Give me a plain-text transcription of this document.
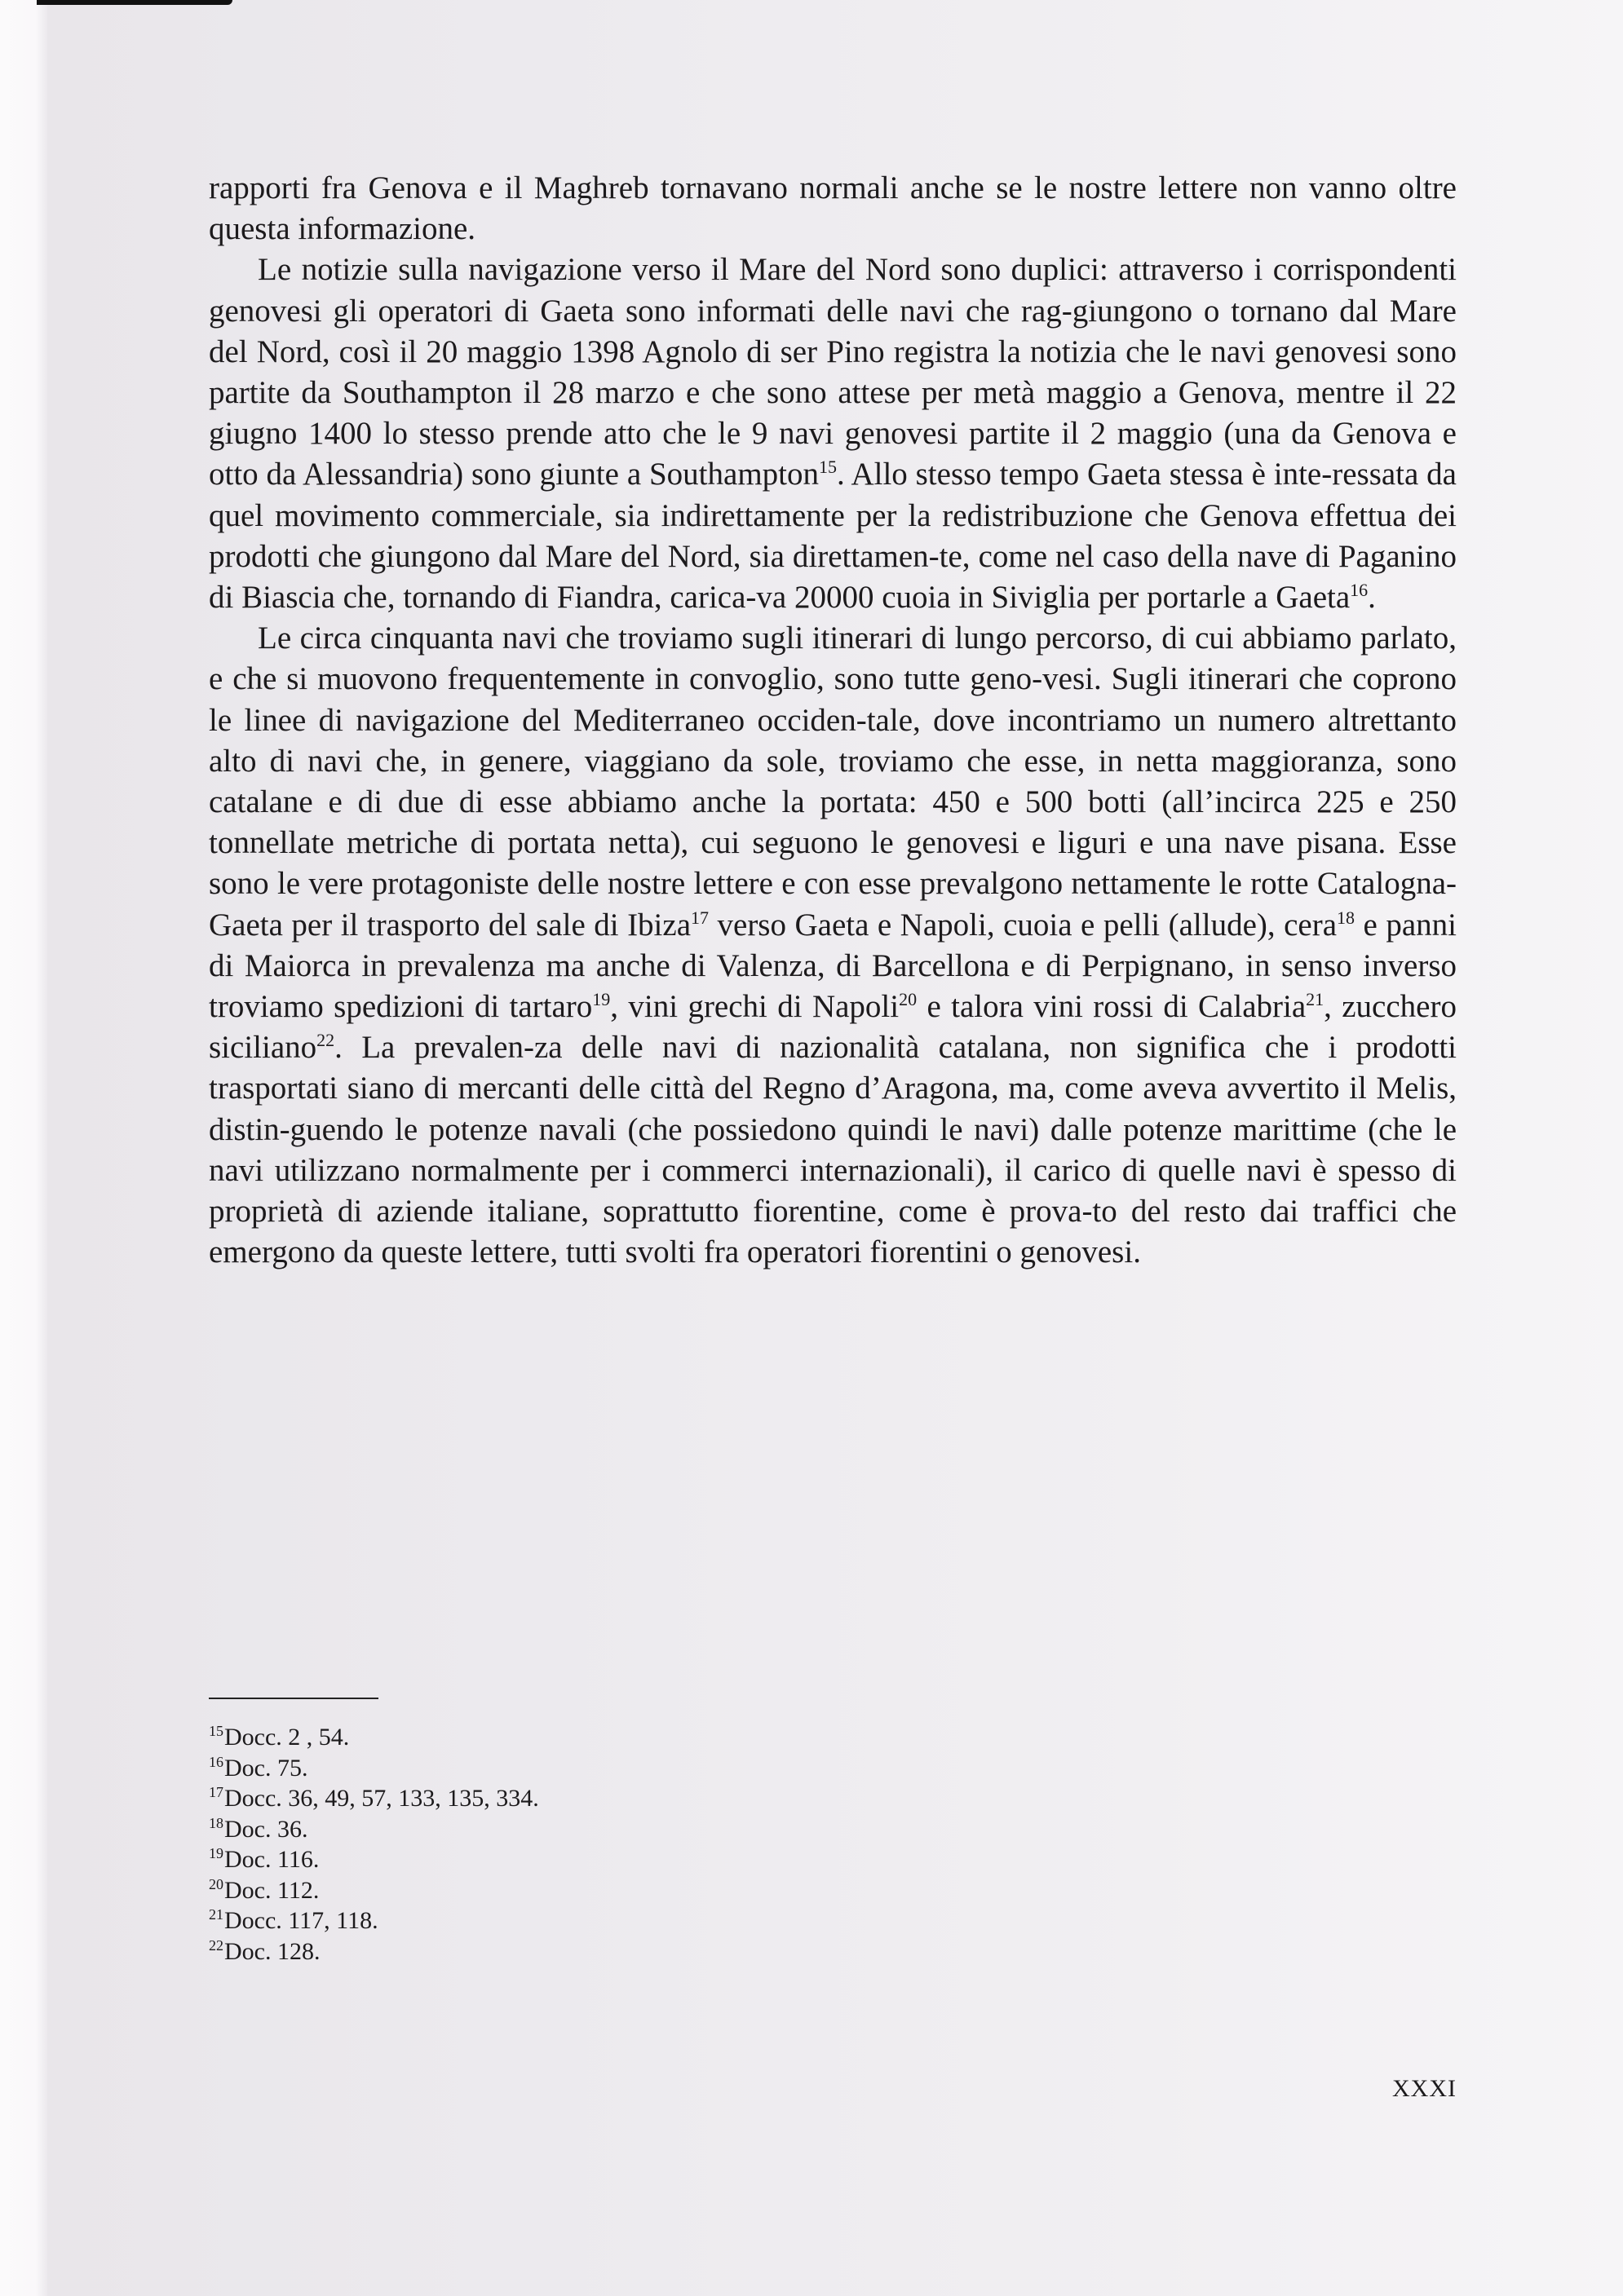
rapporti fra Genova e il Maghreb tornavano normali anche se le nostre lettere non vanno oltre questa informazione.

Le notizie sulla navigazione verso il Mare del Nord sono duplici: attraverso i corrispondenti genovesi gli operatori di Gaeta sono informati delle navi che rag-giungono o tornano dal Mare del Nord, così il 20 maggio 1398 Agnolo di ser Pino registra la notizia che le navi genovesi sono partite da Southampton il 28 marzo e che sono attese per metà maggio a Genova, mentre il 22 giugno 1400 lo stesso prende atto che le 9 navi genovesi partite il 2 maggio (una da Genova e otto da Alessandria) sono giunte a Southampton$^{15}$. Allo stesso tempo Gaeta stessa è inte-ressata da quel movimento commerciale, sia indirettamente per la redistribuzione che Genova effettua dei prodotti che giungono dal Mare del Nord, sia direttamen-te, come nel caso della nave di Paganino di Biascia che, tornando di Fiandra, carica-va 20000 cuoia in Siviglia per portarle a Gaeta$^{16}$.

Le circa cinquanta navi che troviamo sugli itinerari di lungo percorso, di cui abbiamo parlato, e che si muovono frequentemente in convoglio, sono tutte geno-vesi. Sugli itinerari che coprono le linee di navigazione del Mediterraneo occiden-tale, dove incontriamo un numero altrettanto alto di navi che, in genere, viaggiano da sole, troviamo che esse, in netta maggioranza, sono catalane e di due di esse abbiamo anche la portata: 450 e 500 botti (all’incirca 225 e 250 tonnellate metriche di portata netta), cui seguono le genovesi e liguri e una nave pisana. Esse sono le vere protagoniste delle nostre lettere e con esse prevalgono nettamente le rotte Catalogna-Gaeta per il trasporto del sale di Ibiza$^{17}$ verso Gaeta e Napoli, cuoia e pelli (allude), cera$^{18}$ e panni di Maiorca in prevalenza ma anche di Valenza, di Barcellona e di Perpignano, in senso inverso troviamo spedizioni di tartaro$^{19}$, vini grechi di Napoli$^{20}$ e talora vini rossi di Calabria$^{21}$, zucchero siciliano$^{22}$. La prevalen-za delle navi di nazionalità catalana, non significa che i prodotti trasportati siano di mercanti delle città del Regno d’Aragona, ma, come aveva avvertito il Melis, distin-guendo le potenze navali (che possiedono quindi le navi) dalle potenze marittime (che le navi utilizzano normalmente per i commerci internazionali), il carico di quelle navi è spesso di proprietà di aziende italiane, soprattutto fiorentine, come è prova-to del resto dai traffici che emergono da queste lettere, tutti svolti fra operatori fiorentini o genovesi.

$^{15}$Docc. 2 , 54.
$^{16}$Doc. 75.
$^{17}$Docc. 36, 49, 57, 133, 135, 334.
$^{18}$Doc. 36.
$^{19}$Doc. 116.
$^{20}$Doc. 112.
$^{21}$Docc. 117, 118.
$^{22}$Doc. 128.
XXXI
